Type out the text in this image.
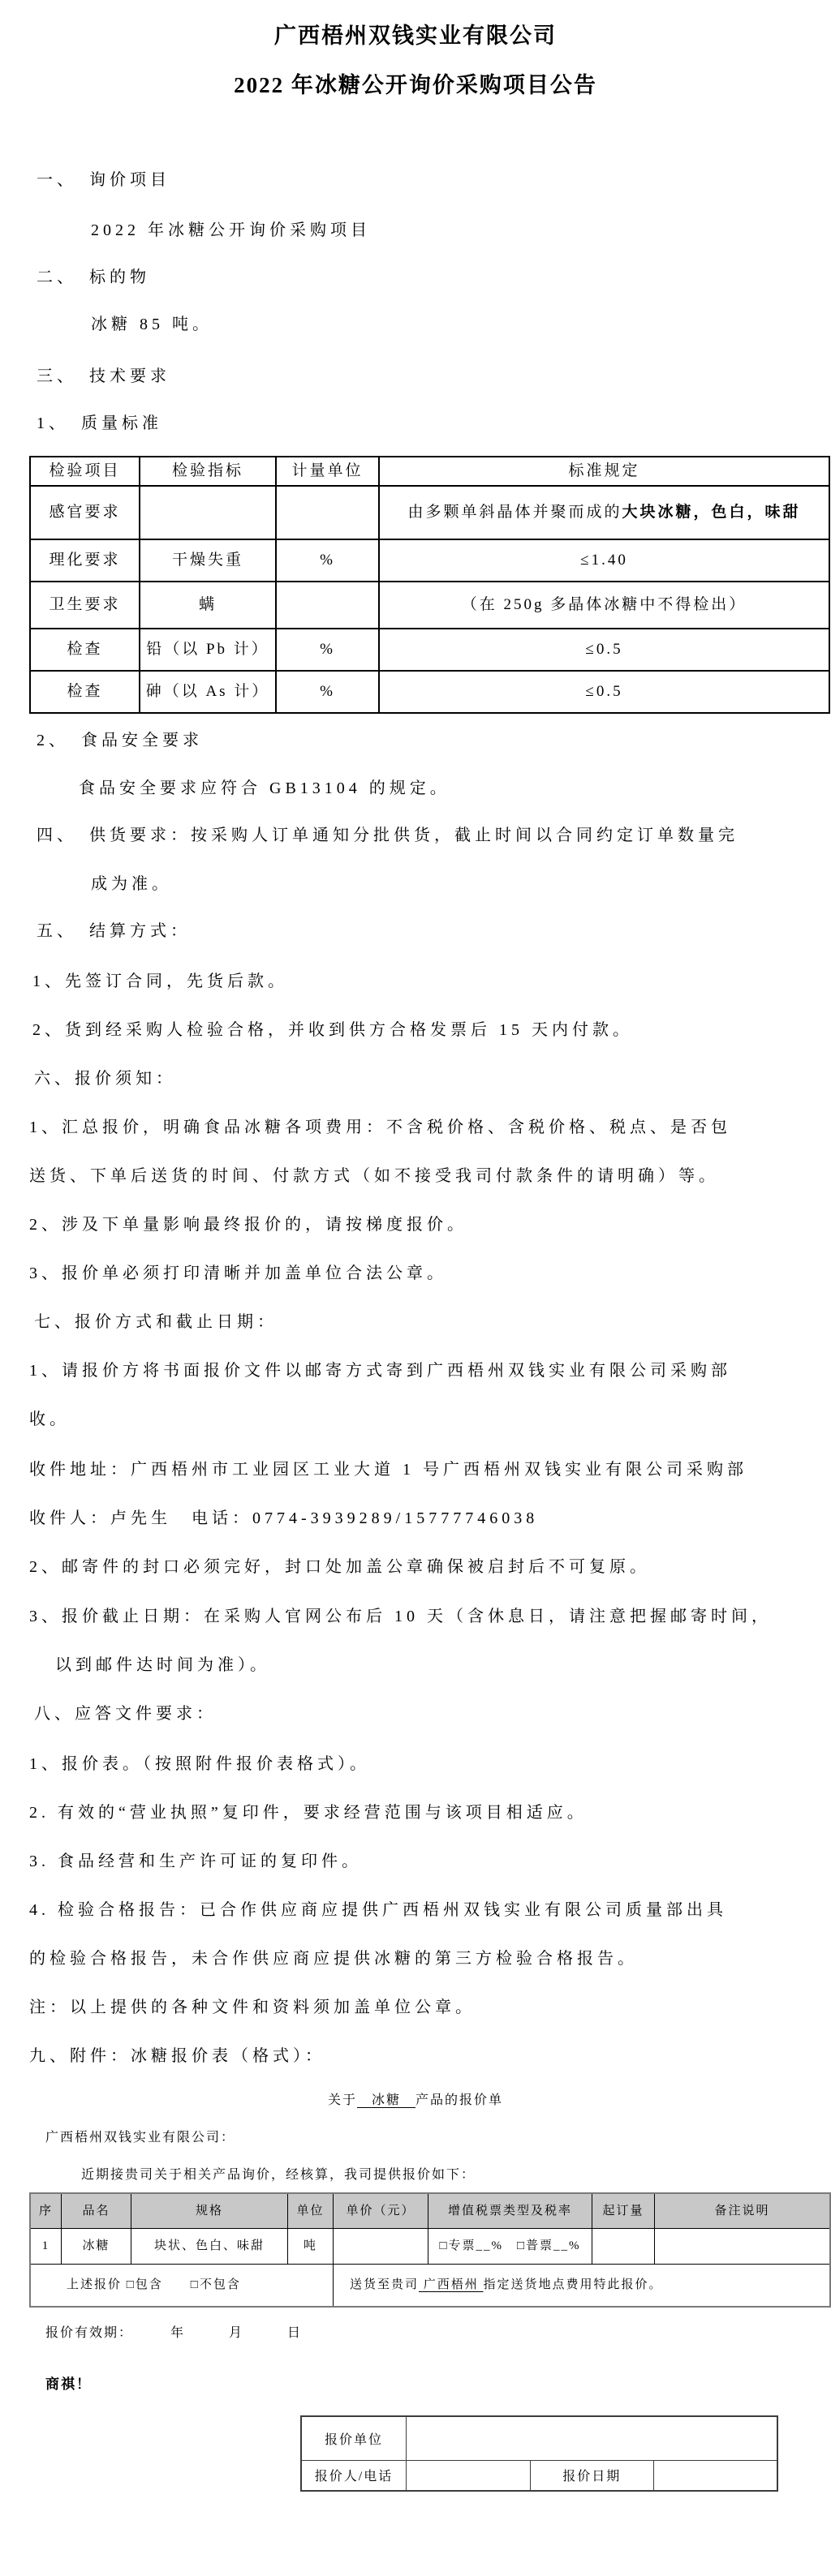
广西梧州双钱实业有限公司
2022 年冰糖公开询价采购项目公告
一、　询价项目
2022 年冰糖公开询价采购项目
二、　标的物
冰糖 85 吨。
三、　技术要求
1、　质量标准
检验项目	检验指标	计量单位	标准规定
感官要求			由多颗单斜晶体并聚而成的大块冰糖，色白，味甜
理化要求	干燥失重	%	≤1.40
卫生要求	螨		（在 250g 多晶体冰糖中不得检出）
检查	铅（以 Pb 计）	%	≤0.5
检查	砷（以 As 计）	%	≤0.5
2、　食品安全要求
食品安全要求应符合 GB13104 的规定。
四、　供货要求：按采购人订单通知分批供货，截止时间以合同约定订单数量完
成为准。
五、　结算方式：
1、先签订合同，先货后款。
2、货到经采购人检验合格，并收到供方合格发票后 15 天内付款。
六、报价须知：
1、汇总报价，明确食品冰糖各项费用：不含税价格、含税价格、税点、是否包
送货、下单后送货的时间、付款方式（如不接受我司付款条件的请明确）等。
2、涉及下单量影响最终报价的，请按梯度报价。
3、报价单必须打印清晰并加盖单位合法公章。
七、报价方式和截止日期：
1、请报价方将书面报价文件以邮寄方式寄到广西梧州双钱实业有限公司采购部
收。
收件地址：广西梧州市工业园区工业大道 1 号广西梧州双钱实业有限公司采购部
收件人：卢先生　电话：0774-3939289/15777746038
2、邮寄件的封口必须完好，封口处加盖公章确保被启封后不可复原。
3、报价截止日期：在采购人官网公布后 10 天（含休息日，请注意把握邮寄时间，
以到邮件达时间为准）。
八、应答文件要求：
1、报价表。（按照附件报价表格式）。
2. 有效的“营业执照”复印件，要求经营范围与该项目相适应。
3. 食品经营和生产许可证的复印件。
4. 检验合格报告：已合作供应商应提供广西梧州双钱实业有限公司质量部出具
的检验合格报告，未合作供应商应提供冰糖的第三方检验合格报告。
注：以上提供的各种文件和资料须加盖单位公章。
九、附件：冰糖报价表（格式）：
关于　冰糖　产品的报价单
广西梧州双钱实业有限公司：
近期接贵司关于相关产品询价，经核算，我司提供报价如下：
序	品名	规格	单位	单价（元）	增值税票类型及税率	起订量	备注说明
1	冰糖	块状、色白、味甜	吨		□专票__%　□普票__%		
上述报价 □包含　　□不包含				送货至贵司 广西梧州 指定送货地点费用特此报价。			
报价有效期：　　　年　　　月　　　日
商祺！
报价单位			
报价人/电话		报价日期	
